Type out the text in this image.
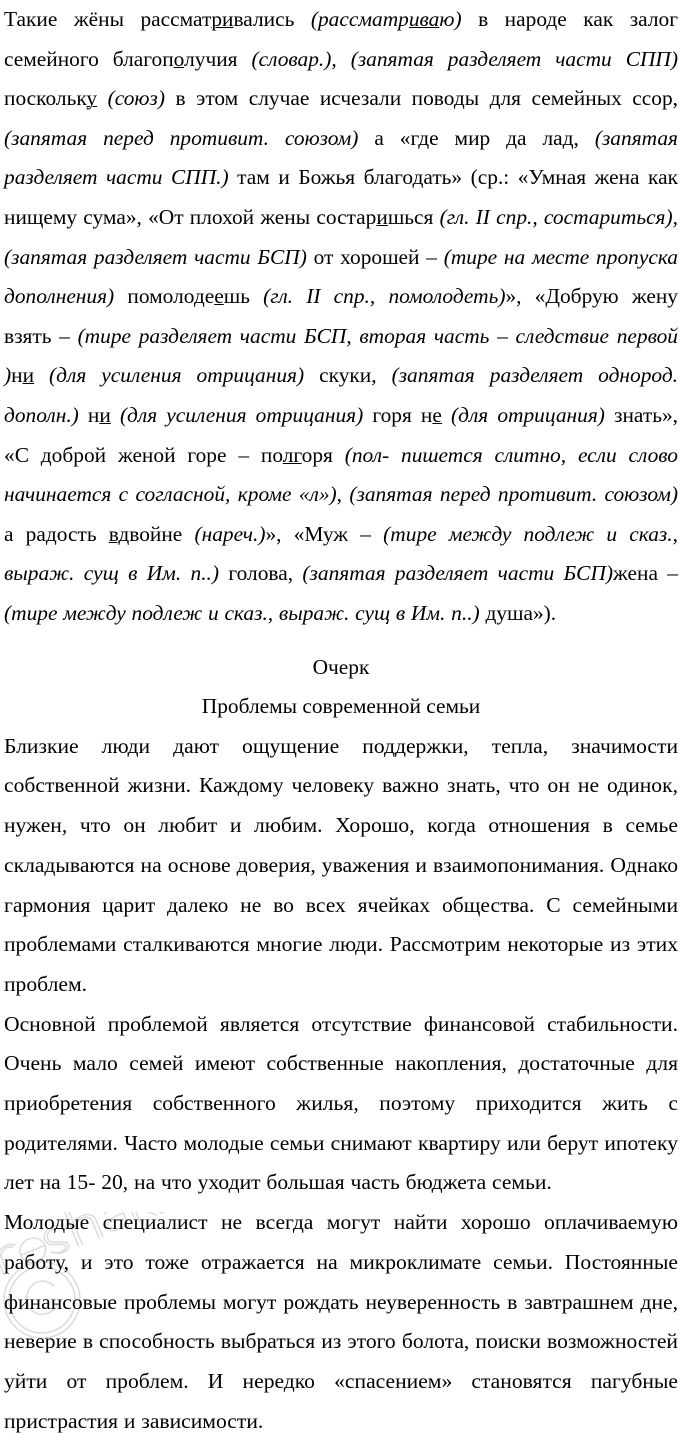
Такие жёны рассматривались (рассматриваю) в народе как залог семейного благополучия (словар.), (запятая разделяет части СПП) поскольку (союз) в этом случае исчезали поводы для семейных ссор, (запятая перед противит. союзом) а «где мир да лад, (запятая разделяет части СПП.) там и Божья благодать» (ср.: «Умная жена как нищему сума», «От плохой жены состаришься (гл. II спр., состариться), (запятая разделяет части БСП) от хорошей – (тире на месте пропуска дополнения) помолодеешь (гл. II спр., помолодеть)», «Добрую жену взять – (тире разделяет части БСП, вторая часть – следствие первой )ни (для усиления отрицания) скуки, (запятая разделяет однород. дополн.) ни (для усиления отрицания) горя не (для отрицания) знать», «С доброй женой горе – полгоря (пол- пишется слитно, если слово начинается с согласной, кроме «л»), (запятая перед противит. союзом) а радость вдвойне (нареч.)», «Муж – (тире между подлеж и сказ., выраж. сущ в Им. п..) голова, (запятая разделяет части БСП)жена – (тире между подлеж и сказ., выраж. сущ в Им. п..) душа»).

Очерк
Проблемы современной семьи

Близкие люди дают ощущение поддержки, тепла, значимости собственной жизни. Каждому человеку важно знать, что он не одинок, нужен, что он любит и любим. Хорошо, когда отношения в семье складываются на основе доверия, уважения и взаимопонимания. Однако гармония царит далеко не во всех ячейках общества. С семейными проблемами сталкиваются многие люди. Рассмотрим некоторые из этих проблем.

Основной проблемой является отсутствие финансовой стабильности. Очень мало семей имеют собственные накопления, достаточные для приобретения собственного жилья, поэтому приходится жить с родителями. Часто молодые семьи снимают квартиру или берут ипотеку лет на 15- 20, на что уходит большая часть бюджета семьи.

Молодые специалист не всегда могут найти хорошо оплачиваемую работу, и это тоже отражается на микроклимате семьи. Постоянные финансовые проблемы могут рождать неуверенность в завтрашнем дне, неверие в способность выбраться из этого болота, поиски возможностей уйти от проблем. И нередко «спасением» становятся пагубные пристрастия и зависимости.
